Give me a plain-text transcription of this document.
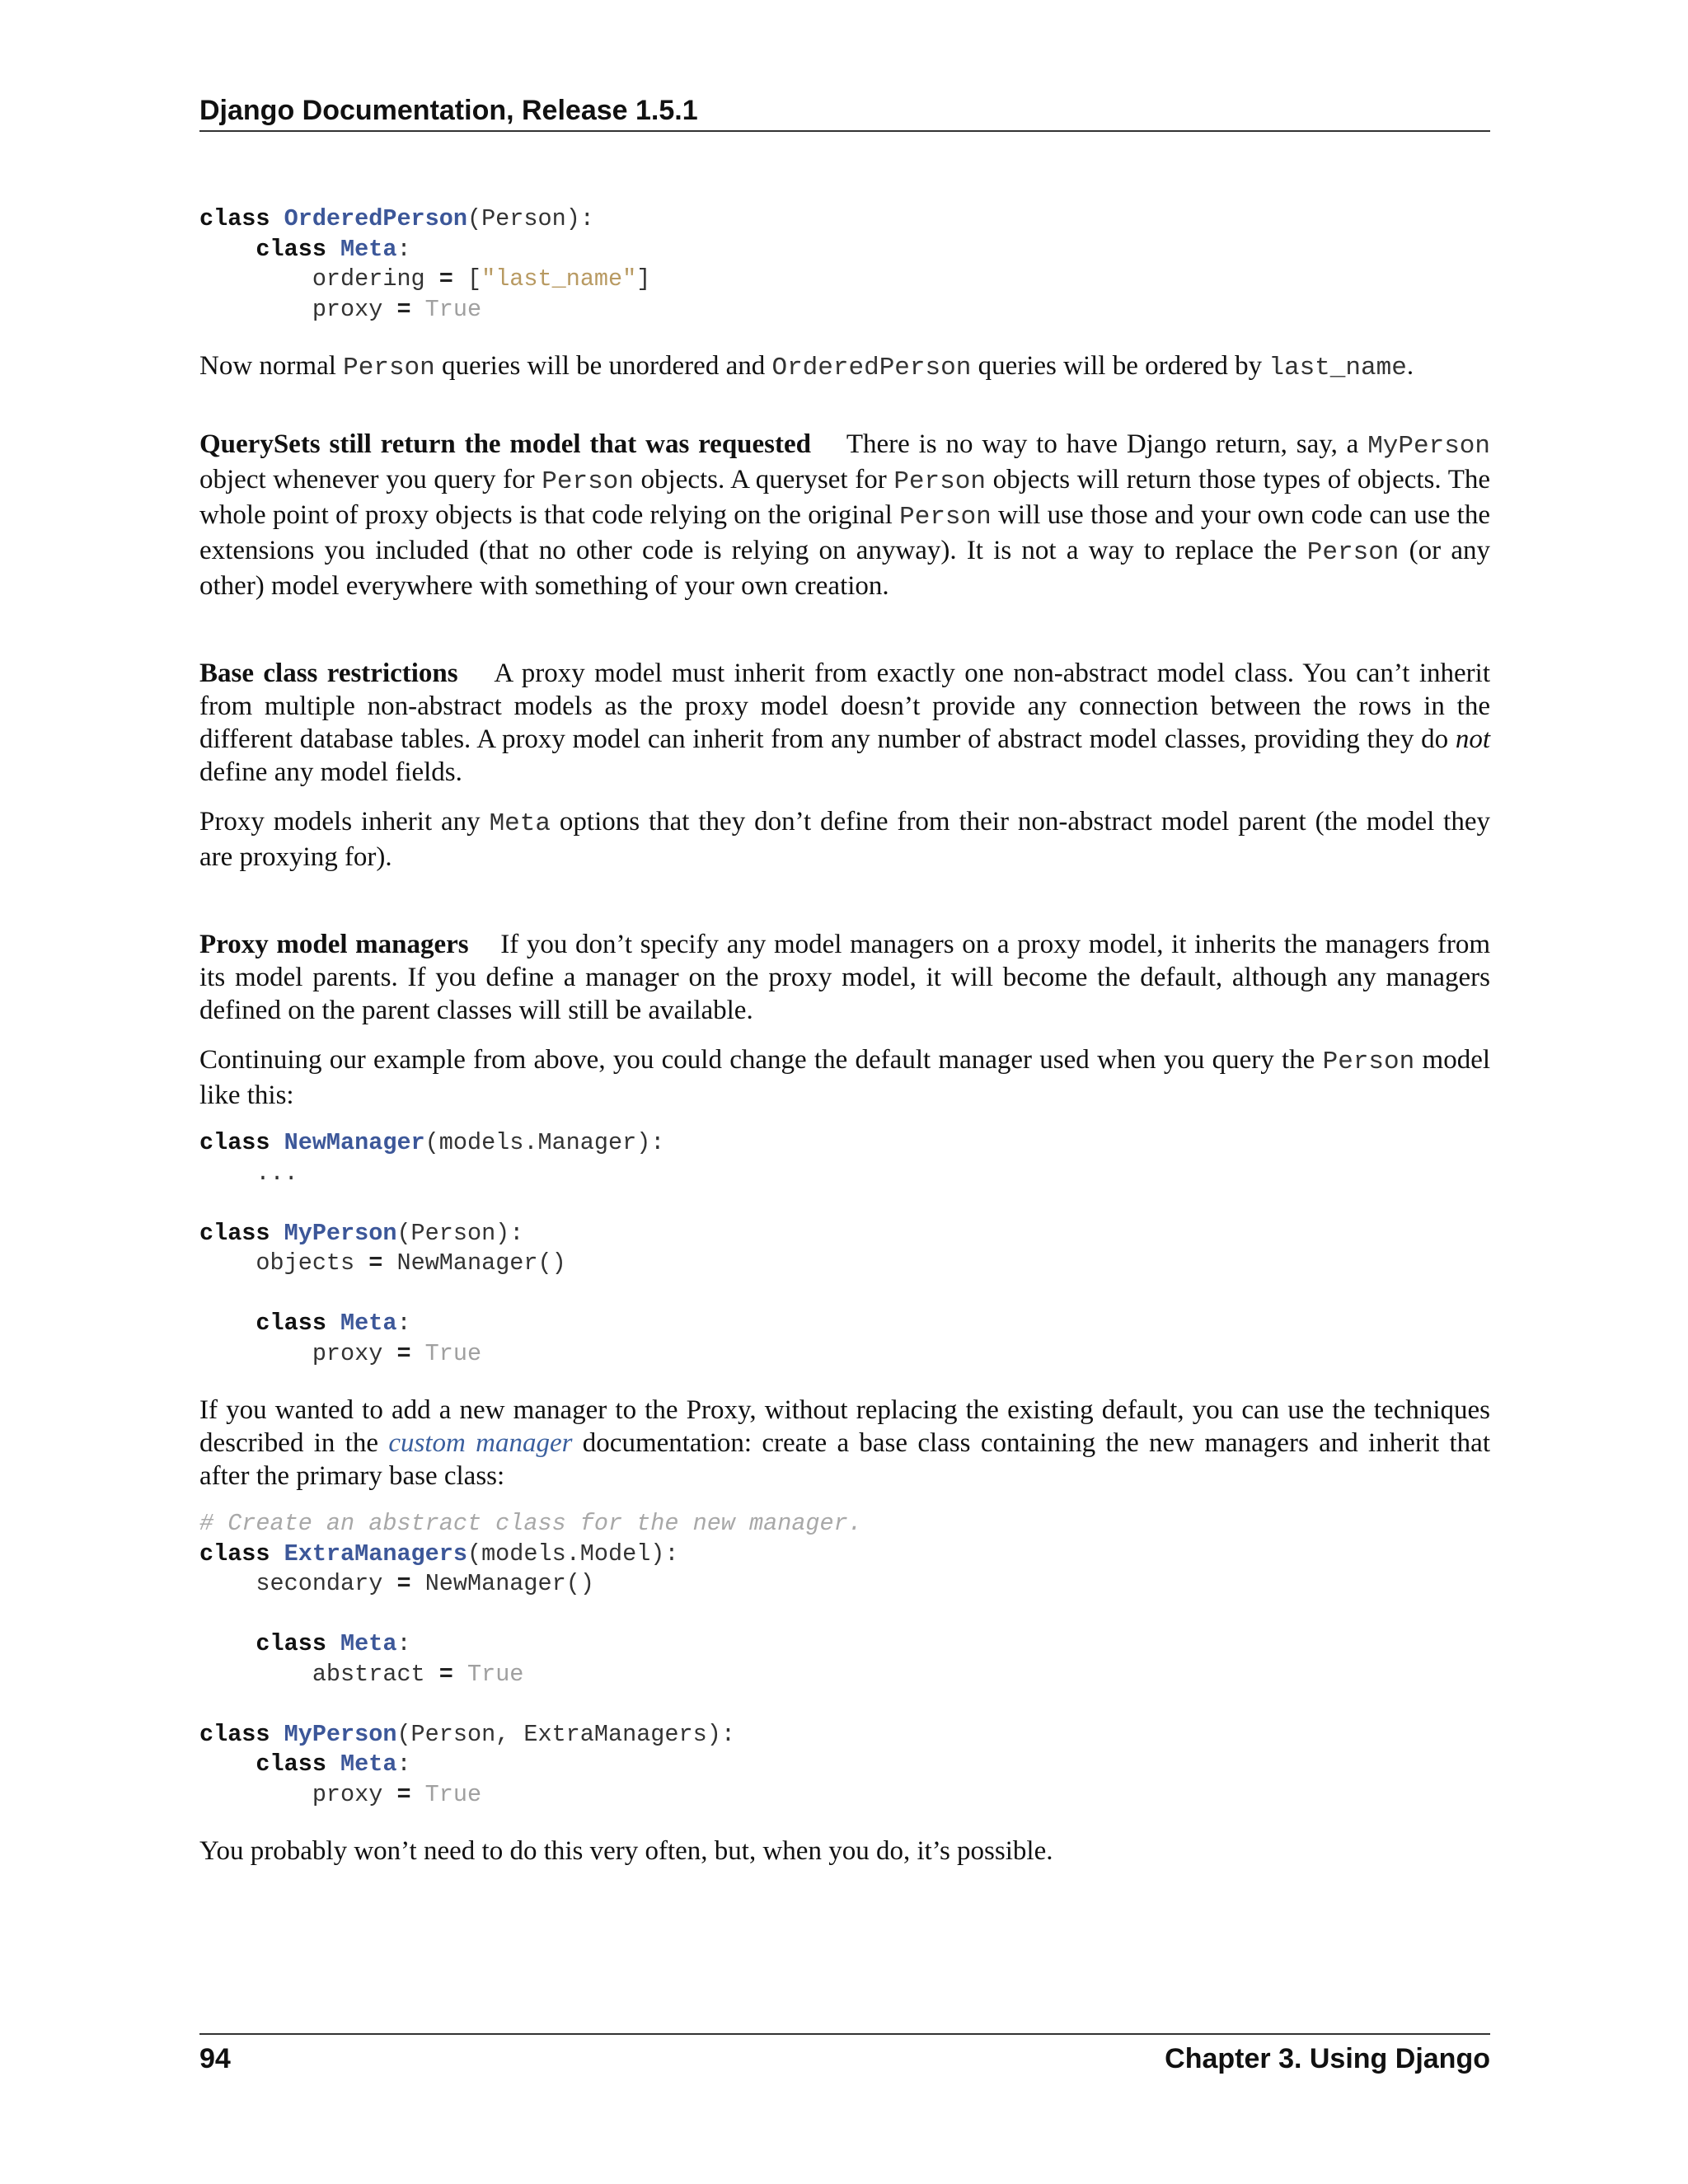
Django Documentation, Release 1.5.1
class OrderedPerson(Person):
class Meta:
ordering = ["last_name"]
proxy = True

Now normal Person queries will be unordered and OrderedPerson queries will be ordered by last_name.

QuerySets still return the model that was requested There is no way to have Django return, say, a MyPerson object whenever you query for Person objects. A queryset for Person objects will return those types of objects. The whole point of proxy objects is that code relying on the original Person will use those and your own code can use the extensions you included (that no other code is relying on anyway). It is not a way to replace the Person (or any other) model everywhere with something of your own creation.

Base class restrictions A proxy model must inherit from exactly one non-abstract model class. You can’t inherit from multiple non-abstract models as the proxy model doesn’t provide any connection between the rows in the different database tables. A proxy model can inherit from any number of abstract model classes, providing they do not define any model fields.

Proxy models inherit any Meta options that they don’t define from their non-abstract model parent (the model they are proxying for).

Proxy model managers If you don’t specify any model managers on a proxy model, it inherits the managers from its model parents. If you define a manager on the proxy model, it will become the default, although any managers defined on the parent classes will still be available.

Continuing our example from above, you could change the default manager used when you query the Person model like this:

class NewManager(models.Manager):
...

class MyPerson(Person):
objects = NewManager()

class Meta:
proxy = True

If you wanted to add a new manager to the Proxy, without replacing the existing default, you can use the techniques described in the custom manager documentation: create a base class containing the new managers and inherit that after the primary base class:

# Create an abstract class for the new manager.
class ExtraManagers(models.Model):
secondary = NewManager()

class Meta:
abstract = True

class MyPerson(Person, ExtraManagers):
class Meta:
proxy = True

You probably won’t need to do this very often, but, when you do, it’s possible.

94	Chapter 3. Using Django
